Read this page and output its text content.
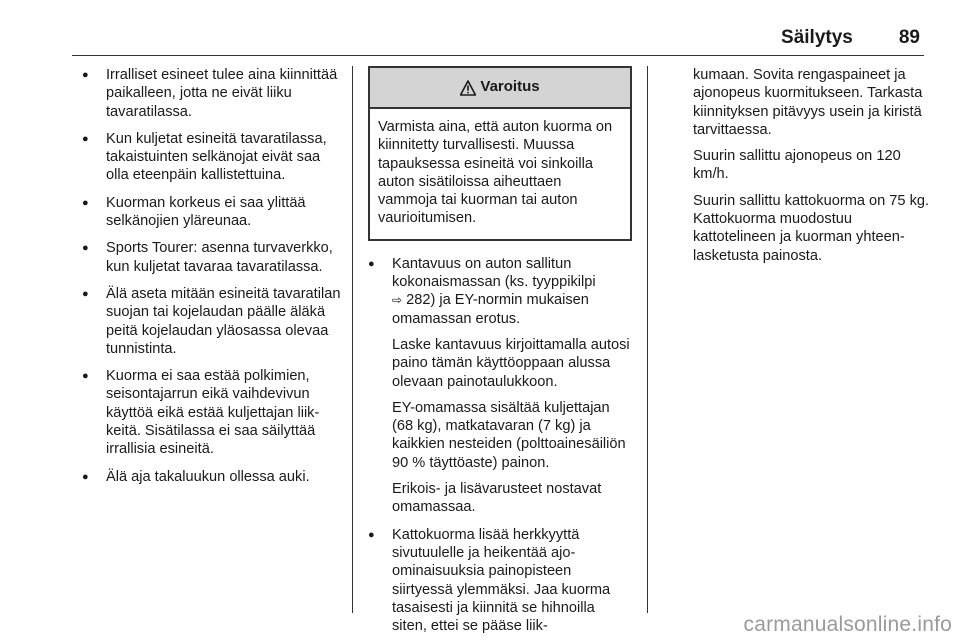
Säilytys 89
● Irralliset esineet tulee aina kiinnittää paikalleen, jotta ne eivät liiku tavaratilassa.
● Kun kuljetat esineitä tavaratilassa, takaistuinten selkänojat eivät saa olla eteenpäin kallistettuina.
● Kuorman korkeus ei saa ylittää selkänojien yläreunaa.
● Sports Tourer: asenna turvaverkko, kun kuljetat tavaraa tavaratilassa.
● Älä aseta mitään esineitä tavaratilan suojan tai kojelaudan päälle äläkä peitä kojelaudan yläosassa olevaa tunnistinta.
● Kuorma ei saa estää polkimien, seisontajarrun eikä vaihdevivun käyttöä eikä estää kuljettajan liikkeitä. Sisätilassa ei saa säilyttää irrallisia esineitä.
● Älä aja takaluukun ollessa auki.
Varoitus
Varmista aina, että auton kuorma on kiinnitetty turvallisesti. Muussa tapauksessa esineitä voi sinkoilla auton sisätiloissa aiheuttaen vammoja tai kuorman tai auton vaurioitumisen.
● Kantavuus on auton sallitun kokonaismassan (ks. tyyppikilpi
⇨ 282) ja EY-normin mukaisen omamassan erotus.
Laske kantavuus kirjoittamalla autosi paino tämän käyttöoppaan alussa olevaan painotaulukkoon.
EY-omamassa sisältää kuljettajan (68 kg), matkatavaran (7 kg) ja kaikkien nesteiden (polttoainesäiliön 90 % täyttöaste) painon.
Erikois- ja lisävarusteet nostavat omamassaa.
● Kattokuorma lisää herkkyyttä sivutuulelle ja heikentää ajo-ominaisuuksia painopisteen siirtyessä ylemmäksi. Jaa kuorma tasaisesti ja kiinnitä se hihnoilla siten, ettei se pääse liik-

kumaan. Sovita rengaspaineet ja ajonopeus kuormitukseen. Tarkasta kiinnityksen pitävyys usein ja kiristä tarvittaessa.

Suurin sallittu ajonopeus on 120 km/h.

Suurin sallittu kattokuorma on 75 kg. Kattokuorma muodostuu kattotelineen ja kuorman yhteenlasketusta painosta.

carmanualsonline.info
